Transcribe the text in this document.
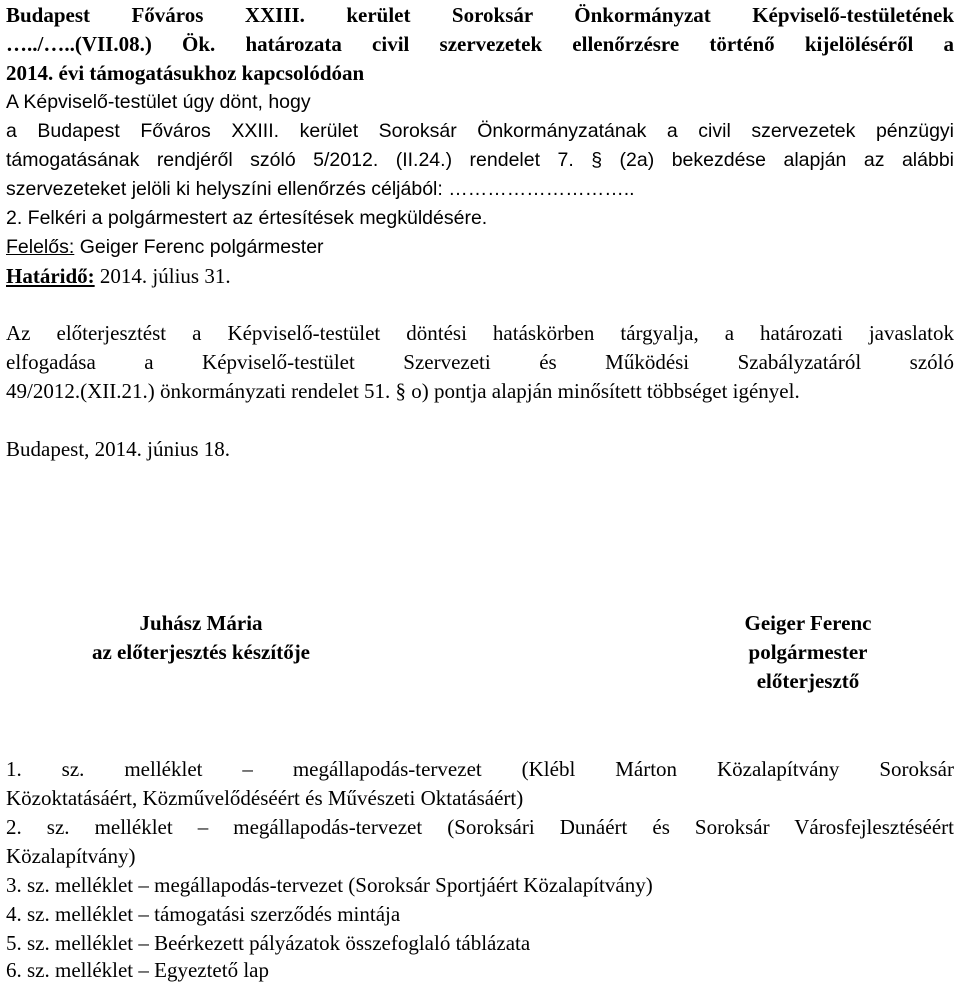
Budapest Főváros XXIII. kerület Soroksár Önkormányzat Képviselő-testületének
…../…..(VII.08.) Ök. határozata civil szervezetek ellenőrzésre történő kijelöléséről a
2014. évi támogatásukhoz kapcsolódóan
A Képviselő-testület úgy dönt, hogy
a Budapest Főváros XXIII. kerület Soroksár Önkormányzatának a civil szervezetek pénzügyi
támogatásának rendjéről szóló 5/2012. (II.24.) rendelet 7. § (2a) bekezdése alapján az alábbi
szervezeteket jelöli ki helyszíni ellenőrzés céljából: ………………………..
2. Felkéri a polgármestert az értesítések megküldésére.
Felelős: Geiger Ferenc polgármester
Határidő: 2014. július 31.
Az előterjesztést a Képviselő-testület döntési hatáskörben tárgyalja, a határozati javaslatok
elfogadása a Képviselő-testület Szervezeti és Működési Szabályzatáról szóló
49/2012.(XII.21.) önkormányzati rendelet 51. § o) pontja alapján minősített többséget igényel.
Budapest, 2014. június 18.
Juhász Mária
az előterjesztés készítője
Geiger Ferenc
polgármester
előterjesztő
1. sz. melléklet – megállapodás-tervezet (Klébl Márton Közalapítvány Soroksár
Közoktatásáért, Közművelődéséért és Művészeti Oktatásáért)
2. sz. melléklet – megállapodás-tervezet (Soroksári Dunáért és Soroksár Városfejlesztéséért
Közalapítvány)
3. sz. melléklet – megállapodás-tervezet (Soroksár Sportjáért Közalapítvány)
4. sz. melléklet – támogatási szerződés mintája
5. sz. melléklet – Beérkezett pályázatok összefoglaló táblázata
6. sz. melléklet – Egyeztető lap
